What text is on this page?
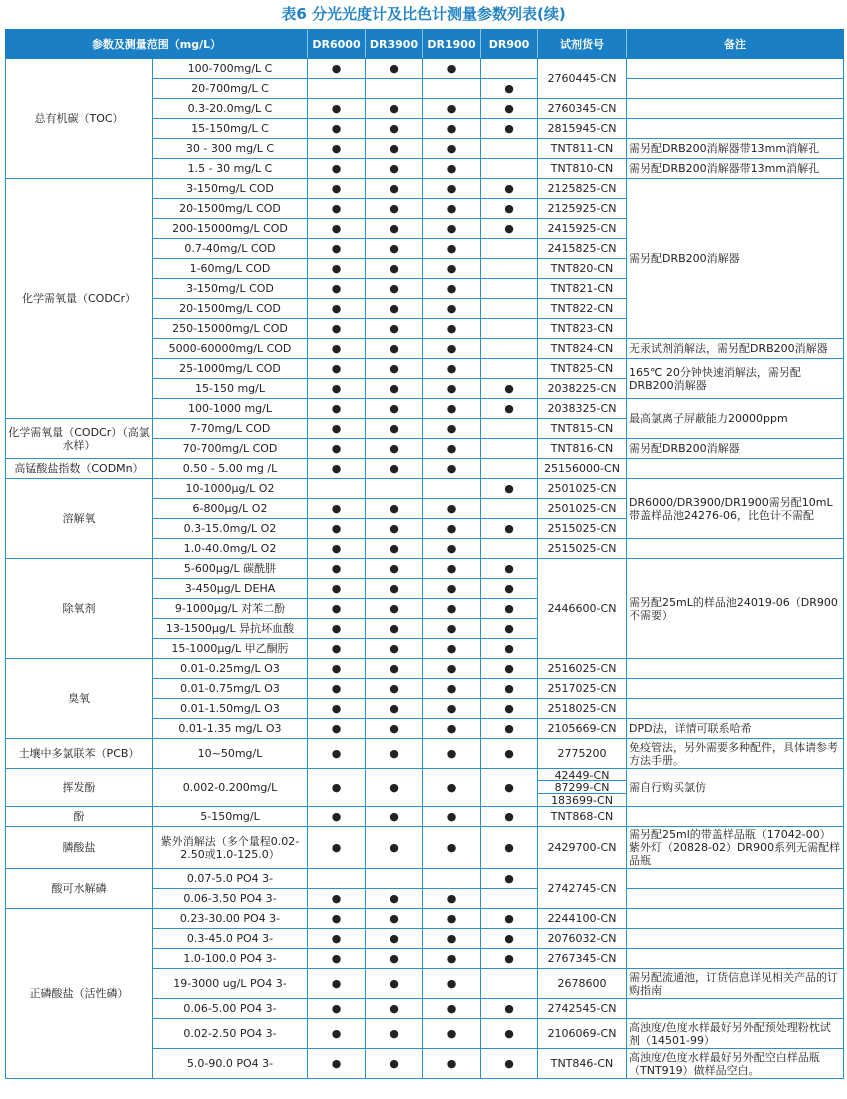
表6 分光光度计及比色计测量参数列表(续)
参数及测量范围（mg/L）		DR6000	DR3900	DR1900	DR900	试剂货号	备注
总有机碳（TOC）	100-700mg/L C	●	●	●		2760445-CN	
	20-700mg/L C				●		
	0.3-20.0mg/L C	●	●	●	●	2760345-CN	
	15-150mg/L C	●	●	●	●	2815945-CN	
	30 - 300 mg/L C	●	●	●		TNT811-CN	需另配DRB200消解器带13mm消解孔
	1.5 - 30 mg/L C	●	●	●		TNT810-CN	需另配DRB200消解器带13mm消解孔
化学需氧量（CODCr）	3-150mg/L COD	●	●	●	●	2125825-CN	需另配DRB200消解器
	20-1500mg/L COD	●	●	●	●	2125925-CN	
	200-15000mg/L COD	●	●	●	●	2415925-CN	
	0.7-40mg/L COD	●	●	●		2415825-CN	
	1-60mg/L COD	●	●	●		TNT820-CN	
	3-150mg/L COD	●	●	●		TNT821-CN	
	20-1500mg/L COD	●	●	●		TNT822-CN	
	250-15000mg/L COD	●	●	●		TNT823-CN	
	5000-60000mg/L COD	●	●	●		TNT824-CN	无汞试剂消解法，需另配DRB200消解器
	25-1000mg/L COD	●	●	●		TNT825-CN	165℃ 20分钟快速消解法，需另配DRB200消解器
	15-150 mg/L	●	●	●	●	2038225-CN	
	100-1000 mg/L	●	●	●	●	2038325-CN	最高氯离子屏蔽能力20000ppm
化学需氧量（CODCr）（高氯水样）	7-70mg/L COD	●	●	●		TNT815-CN	
	70-700mg/L COD	●	●	●		TNT816-CN	需另配DRB200消解器
高锰酸盐指数（CODMn）	0.50 - 5.00 mg /L	●	●	●		25156000-CN	
溶解氧	10-1000μg/L O2				●	2501025-CN	DR6000/DR3900/DR1900需另配10mL带盖样品池24276-06，比色计不需配
	6-800μg/L O2	●	●	●		2501025-CN	
	0.3-15.0mg/L O2	●	●	●	●	2515025-CN	
	1.0-40.0mg/L O2	●	●	●		2515025-CN	
除氧剂	5-600μg/L 碳酰肼	●	●	●	●	2446600-CN	需另配25mL的样品池24019-06（DR900不需要）
	3-450μg/L DEHA	●	●	●	●		
	9-1000μg/L 对苯二酚	●	●	●	●		
	13-1500μg/L 异抗坏血酸	●	●	●	●		
	15-1000μg/L 甲乙酮肟	●	●	●	●		
臭氧	0.01-0.25mg/L O3	●	●	●	●	2516025-CN	
	0.01-0.75mg/L O3	●	●	●	●	2517025-CN	
	0.01-1.50mg/L O3	●	●	●	●	2518025-CN	
	0.01-1.35 mg/L O3	●	●	●	●	2105669-CN	DPD法，详情可联系哈希
土壤中多氯联苯（PCB）	10~50mg/L	●	●	●	●	2775200	免疫管法，另外需要多种配件，具体请参考方法手册。
挥发酚	0.002-0.200mg/L	●	●	●	●	42449-CN
87299-CN
183699-CN	需自行购买氯仿
酚	5-150mg/L	●	●	●	●	TNT868-CN	
膦酸盐	紫外消解法（多个量程0.02-2.50或1.0-125.0）	●	●	●	●	2429700-CN	需另配25ml的带盖样品瓶（17042-00）紫外灯（20828-02）DR900系列无需配样品瓶
酸可水解磷	0.07-5.0 PO4 3-				●	2742745-CN	
	0.06-3.50 PO4 3-	●	●	●			
正磷酸盐（活性磷）	0.23-30.00 PO4 3-	●	●	●	●	2244100-CN	
	0.3-45.0 PO4 3-	●	●	●	●	2076032-CN	
	1.0-100.0 PO4 3-	●	●	●	●	2767345-CN	
	19-3000 ug/L PO4 3-	●	●	●		2678600	需另配流通池，订货信息详见相关产品的订购指南
	0.06-5.00 PO4 3-	●	●	●	●	2742545-CN	
	0.02-2.50 PO4 3-	●	●	●	●	2106069-CN	高浊度/色度水样最好另外配预处理粉枕试剂（14501-99）
	5.0-90.0 PO4 3-	●	●	●	●	TNT846-CN	高浊度/色度水样最好另外配空白样品瓶（TNT919）做样品空白。
